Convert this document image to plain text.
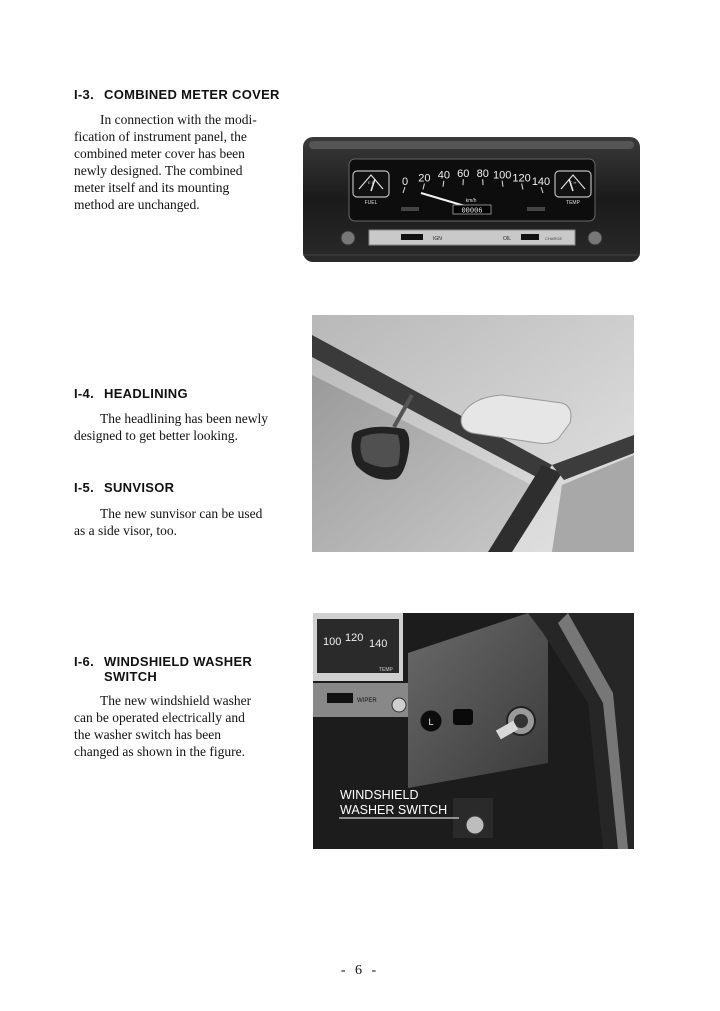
I-3. COMBINED METER COVER
In connection with the modi-
fication of instrument panel, the
combined meter cover has been
newly designed. The combined
meter itself and its mounting
method are unchanged.
E F
FUEL
C H
TEMP
0 20 40 60 80 100 120 140
km/h
00006
IGN	OIL	CHARGE
I-4. HEADLINING
The headlining has been newly
designed to get better looking.
I-5. SUNVISOR
The new sunvisor can be used
as a side visor, too.
I-6. WINDSHIELD WASHER
SWITCH
The new windshield washer
can be operated electrically and
the washer switch has been
changed as shown in the figure.
100 120 140
TEMP
WIPER
L
WINDSHIELD
WASHER SWITCH
- 6 -
